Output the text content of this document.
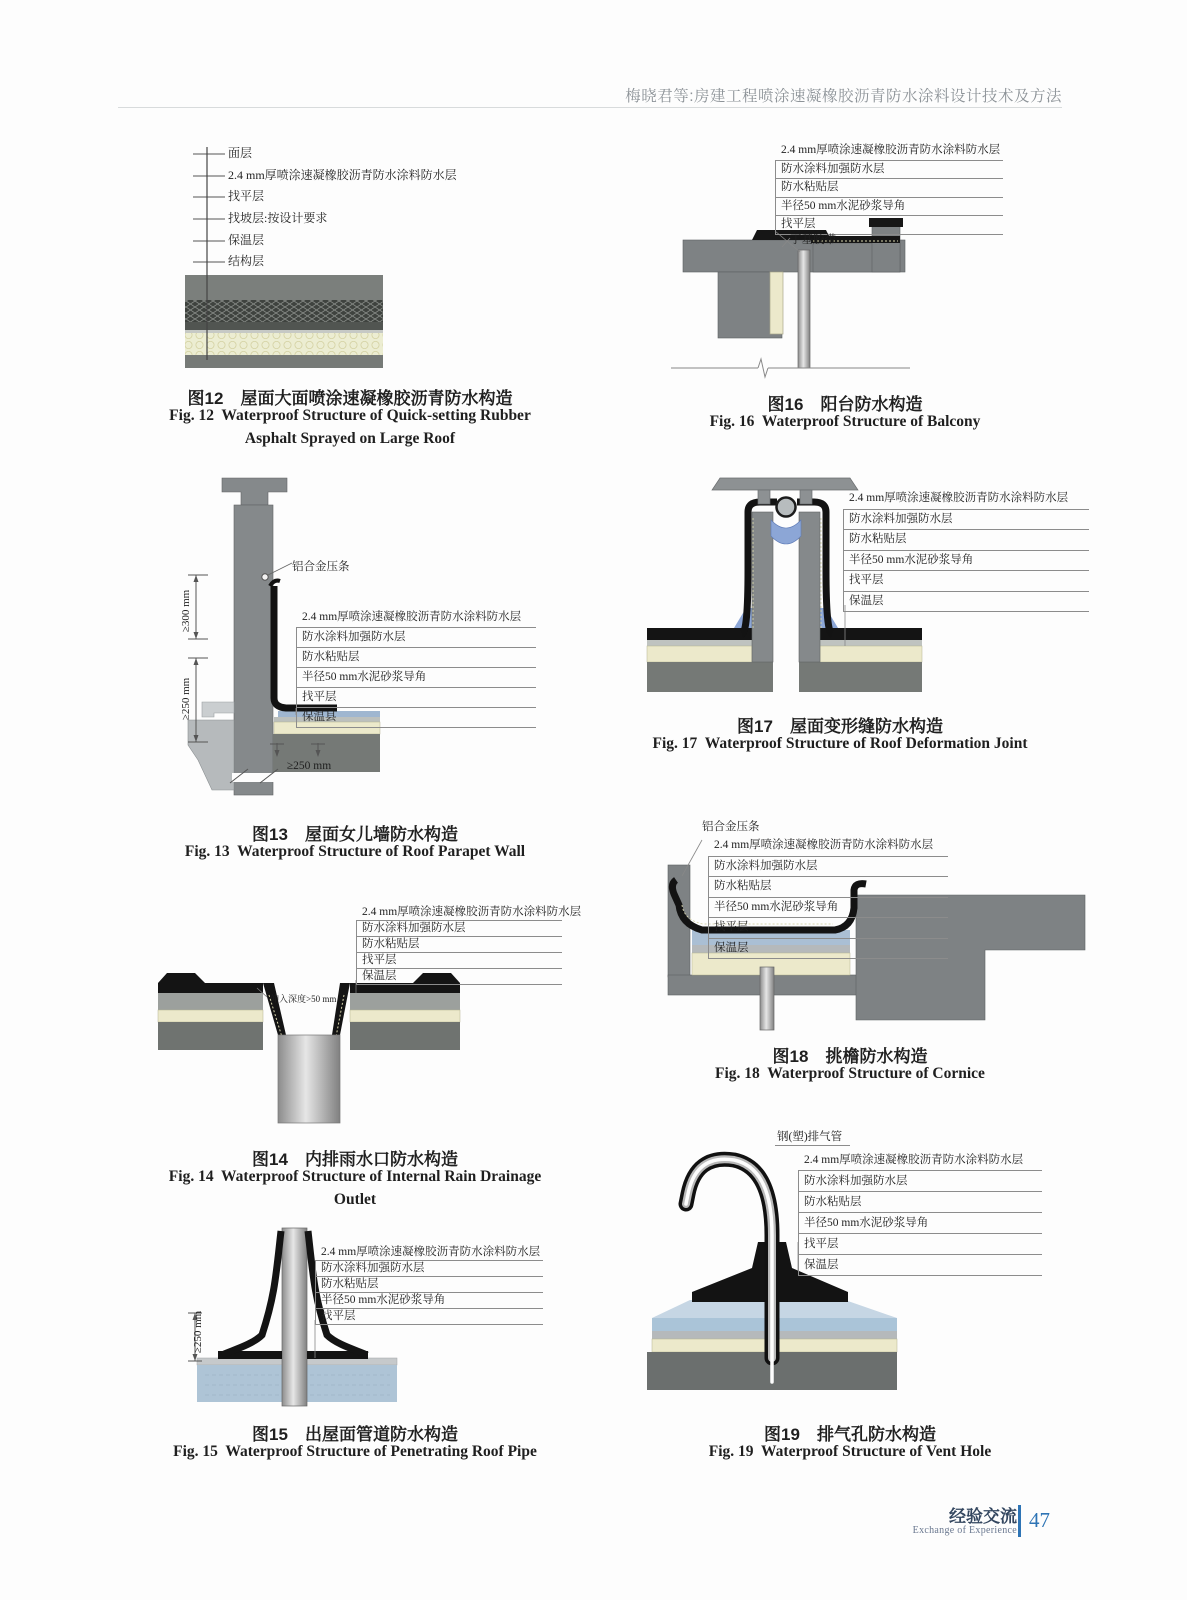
梅晓君等:房建工程喷涂速凝橡胶沥青防水涂料设计技术及方法
面层
2.4 mm厚喷涂速凝橡胶沥青防水涂料防水层
找平层
找坡层:按设计要求
保温层
结构层
图12　屋面大面喷涂速凝橡胶沥青防水构造
Fig. 12  Waterproof Structure of Quick-setting Rubber
Asphalt Sprayed on Large Roof
2.4 mm厚喷涂速凝橡胶沥青防水涂料防水层
防水涂料加强防水层
防水粘贴层
半径50 mm水泥砂浆导角
找平层
丁基胶带
图16　阳台防水构造
Fig. 16  Waterproof Structure of Balcony
铝合金压条
2.4 mm厚喷涂速凝橡胶沥青防水涂料防水层
防水涂料加强防水层
防水粘贴层
半径50 mm水泥砂浆导角
找平层
保温县
≥300 mm
≥250 mm
≥250 mm
图13　屋面女儿墙防水构造
Fig. 13  Waterproof Structure of Roof Parapet Wall
2.4 mm厚喷涂速凝橡胶沥青防水涂料防水层
防水涂料加强防水层
防水粘贴层
半径50 mm水泥砂浆导角
找平层
保温层
图17　屋面变形缝防水构造
Fig. 17  Waterproof Structure of Roof Deformation Joint
2.4 mm厚喷涂速凝橡胶沥青防水涂料防水层
防水涂料加强防水层
防水粘贴层
找平层
保温层
伸入深度>50 mm
图14　内排雨水口防水构造
Fig. 14  Waterproof Structure of Internal Rain Drainage
Outlet
铝合金压条
2.4 mm厚喷涂速凝橡胶沥青防水涂料防水层
防水涂料加强防水层
防水粘贴层
半径50 mm水泥砂浆导角
找平层
保温层
图18　挑檐防水构造
Fig. 18  Waterproof Structure of Cornice
2.4 mm厚喷涂速凝橡胶沥青防水涂料防水层
防水涂料加强防水层
防水粘贴层
半径50 mm水泥砂浆导角
找平层
≥250 mm
图15　出屋面管道防水构造
Fig. 15  Waterproof Structure of Penetrating Roof Pipe
钢(塑)排气管
2.4 mm厚喷涂速凝橡胶沥青防水涂料防水层
防水涂料加强防水层
防水粘贴层
半径50 mm水泥砂浆导角
找平层
保温层
图19　排气孔防水构造
Fig. 19  Waterproof Structure of Vent Hole
经验交流
Exchange of Experience 47
